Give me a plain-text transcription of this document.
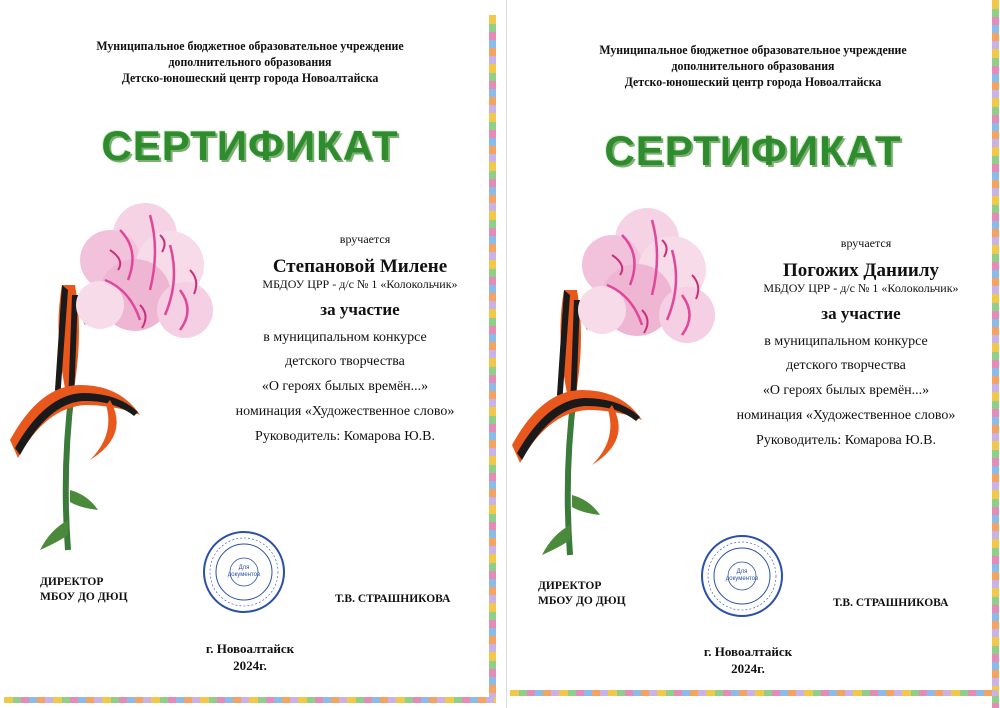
Муниципальное бюджетное образовательное учреждение
дополнительного образования
Детско-юношеский центр города Новоалтайска
СЕРТИФИКАТ
вручается
Степановой Милене
МБДОУ ЦРР - д/с № 1 «Колокольчик»
за участие
в муниципальном конкурсе
детского творчества
«О героях былых времён...»
номинация «Художественное слово»
Руководитель: Комарова Ю.В.
Для документов
ДИРЕКТОР
МБОУ ДО ДЮЦ	Т.В. СТРАШНИКОВА
г. Новоалтайск
2024г.
Муниципальное бюджетное образовательное учреждение
дополнительного образования
Детско-юношеский центр города Новоалтайска
СЕРТИФИКАТ
вручается
Погожих Даниилу
МБДОУ ЦРР - д/с № 1 «Колокольчик»
за участие
в муниципальном конкурсе
детского творчества
«О героях былых времён...»
номинация «Художественное слово»
Руководитель: Комарова Ю.В.
Для документов
ДИРЕКТОР
МБОУ ДО ДЮЦ	Т.В. СТРАШНИКОВА
г. Новоалтайск
2024г.
